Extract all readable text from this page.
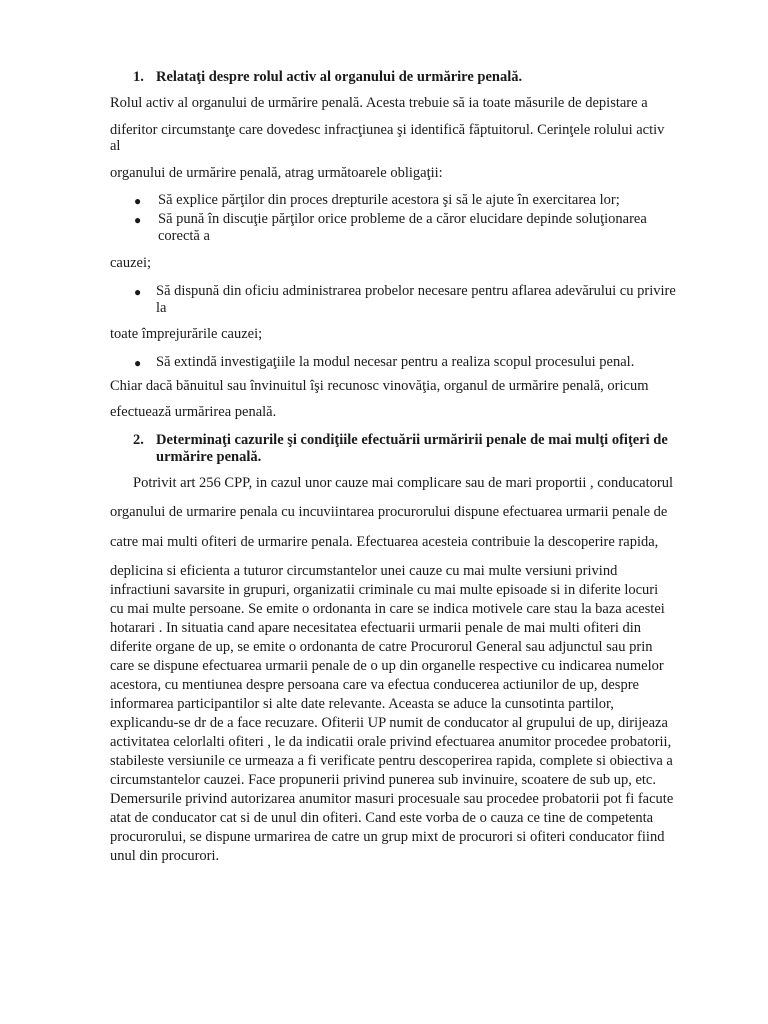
1. Relataţi despre rolul activ al organului de urmărire penală.
Rolul activ al organului de urmărire penală. Acesta trebuie să ia toate măsurile de depistare a
diferitor circumstanţe care dovedesc infracţiunea şi identifică făptuitorul. Cerinţele rolului activ
al
organului de urmărire penală, atrag următoarele obligaţii:
● Să explice părţilor din proces drepturile acestora şi să le ajute în exercitarea lor;
● Să pună în discuţie părţilor orice probleme de a căror elucidare depinde soluţionarea
corectă a
cauzei;
● Să dispună din oficiu administrarea probelor necesare pentru aflarea adevărului cu privire
la
toate împrejurările cauzei;
● Să extindă investigaţiile la modul necesar pentru a realiza scopul procesului penal.
Chiar dacă bănuitul sau învinuitul îşi recunosc vinovăţia, organul de urmărire penală, oricum
efectuează urmărirea penală.
2. Determinaţi cazurile şi condiţiile efectuării urmăririi penale de mai mulţi ofiţeri de
urmărire penală.
Potrivit art 256 CPP, in cazul unor cauze mai complicare sau de mari proportii , conducatorul
organului de urmarire penala cu incuviintarea procurorului dispune efectuarea urmarii penale de
catre mai multi ofiteri de urmarire penala. Efectuarea acesteia contribuie la descoperire rapida,
deplicina si eficienta a tuturor circumstantelor unei cauze cu mai multe versiuni privind
infractiuni savarsite in grupuri, organizatii criminale cu mai multe episoade si in diferite locuri
cu mai multe persoane. Se emite o ordonanta in care se indica motivele care stau la baza acestei
hotarari . In situatia cand apare necesitatea efectuarii urmarii penale de mai multi ofiteri din
diferite organe de up, se emite o ordonanta de catre Procurorul General sau adjunctul sau prin
care se dispune efectuarea urmarii penale de o up din organelle respective cu indicarea numelor
acestora, cu mentiunea despre persoana care va efectua conducerea actiunilor de up, despre
informarea participantilor si alte date relevante. Aceasta se aduce la cunsotinta partilor,
explicandu-se dr de a face recuzare. Ofiterii UP numit de conducator al grupului de up, dirijeaza
activitatea celorlalti ofiteri , le da indicatii orale privind efectuarea anumitor procedee probatorii,
stabileste versiunile ce urmeaza a fi verificate pentru descoperirea rapida, complete si obiectiva a
circumstantelor cauzei. Face propunerii privind punerea sub invinuire, scoatere de sub up, etc.
Demersurile privind autorizarea anumitor masuri procesuale sau procedee probatorii pot fi facute
atat de conducator cat si de unul din ofiteri. Cand este vorba de o cauza ce tine de competenta
procurorului, se dispune urmarirea de catre un grup mixt de procurori si ofiteri conducator fiind
unul din procurori.
